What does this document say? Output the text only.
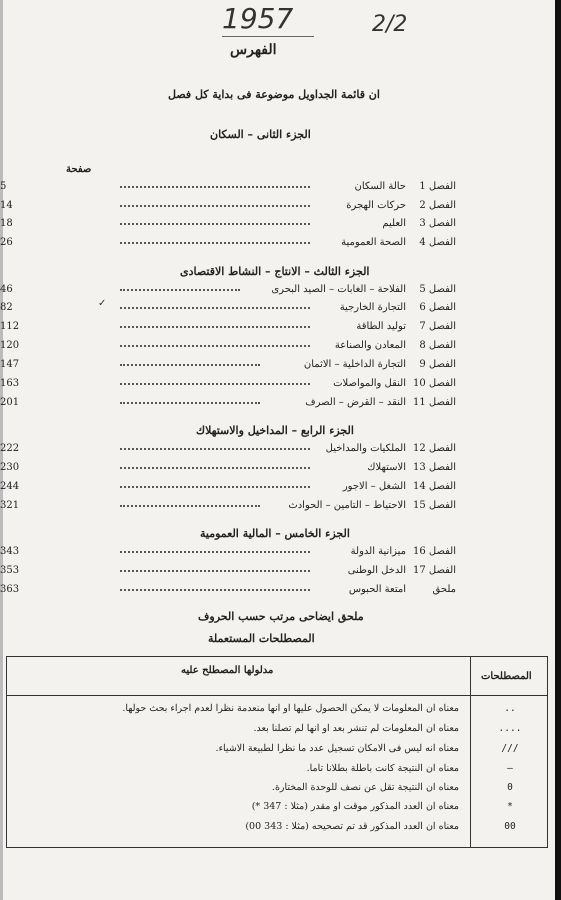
1957	2/2
الفهرس
ان قائمة الجداويل موضوعة فى بداية كل فصل
الجزء الثانى – السكان
صفحة
الفصل 1
حالة السكان
5
الفصل 2
حركات الهجرة
14
الفصل 3
العليم
18
الفصل 4
الصحة العمومية
26
الجزء الثالث – الانتاج – النشاط الاقتصادى
الفصل 5
الفلاحة – الغابات – الصيد البحرى
46
الفصل 6
التجارة الخارجية
82
الفصل 7
توليد الطاقة
112
الفصل 8
المعادن والصناعة
120
الفصل 9
التجارة الداخلية – الاثمان
147
الفصل 10
النقل والمواصلات
163
الفصل 11
النقد – القرض – الصرف
201
✓
الجزء الرابع – المداخيل والاستهلاك
الفصل 12
الملكيات والمداخيل
222
الفصل 13
الاستهلاك
230
الفصل 14
الشغل – الاجور
244
الفصل 15
الاحتياط – التامين – الحوادث
321
الجزء الخامس – المالية العمومية
الفصل 16
ميزانية الدولة
343
الفصل 17
الدخل الوطنى
353
ملحق
امتعة الحبوس
363
ملحق ايضاحى مرتب حسب الحروف
المصطلحات المستعملة
المصطلحات
مدلولها المصطلح عليه
..
معناه ان المعلومات لا يمكن الحصول عليها او انها منعدمة نظرا لعدم اجراء بحث حولها.
....
معناه ان المعلومات لم تنشر بعد او انها لم تصلنا بعد.
///
معناه انه ليس فى الامكان تسجيل عدد ما نظرا لطبيعة الاشياء.
–
معناه ان النتيجة كانت باطلة بطلانا تاما.
0
معناه ان النتيجة تقل عن نصف للوحدة المختارة.
*
معناه ان العدد المذكور موقت او مقدر (مثلا : 347 *)
00
معناه ان العدد المذكور قد تم تصحيحه (مثلا : 343 00)
